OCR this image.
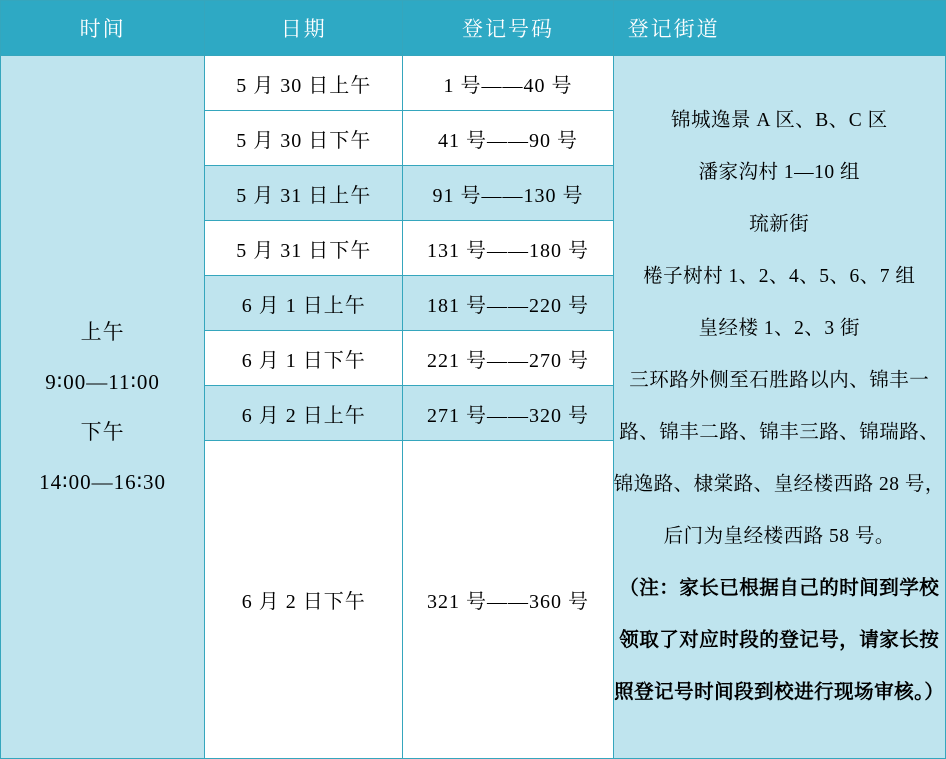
时间	日期	登记号码	登记街道

上午
9∶00—11∶00
下午
14∶00—16∶30
	5 月 30 日上午	1 号——40 号	
锦城逸景 A 区、B、C 区
潘家沟村 1—10 组
琉新街
棬子树村 1、2、4、5、6、7 组
皇经楼 1、2、3 街
三环路外侧至石胜路以内、锦丰一路、锦丰二路、锦丰三路、锦瑞路、锦逸路、棣棠路、皇经楼西路 28 号，后门为皇经楼西路 58 号。
（注：家长已根据自己的时间到学校领取了对应时段的登记号，请家长按照登记号时间段到校进行现场审核。）

	5 月 30 日下午	41 号——90 号	
	5 月 31 日上午	91 号——130 号	
	5 月 31 日下午	131 号——180 号	
	6 月 1 日上午	181 号——220 号	
	6 月 1 日下午	221 号——270 号	
	6 月 2 日上午	271 号——320 号	
	6 月 2 日下午	321 号——360 号	
